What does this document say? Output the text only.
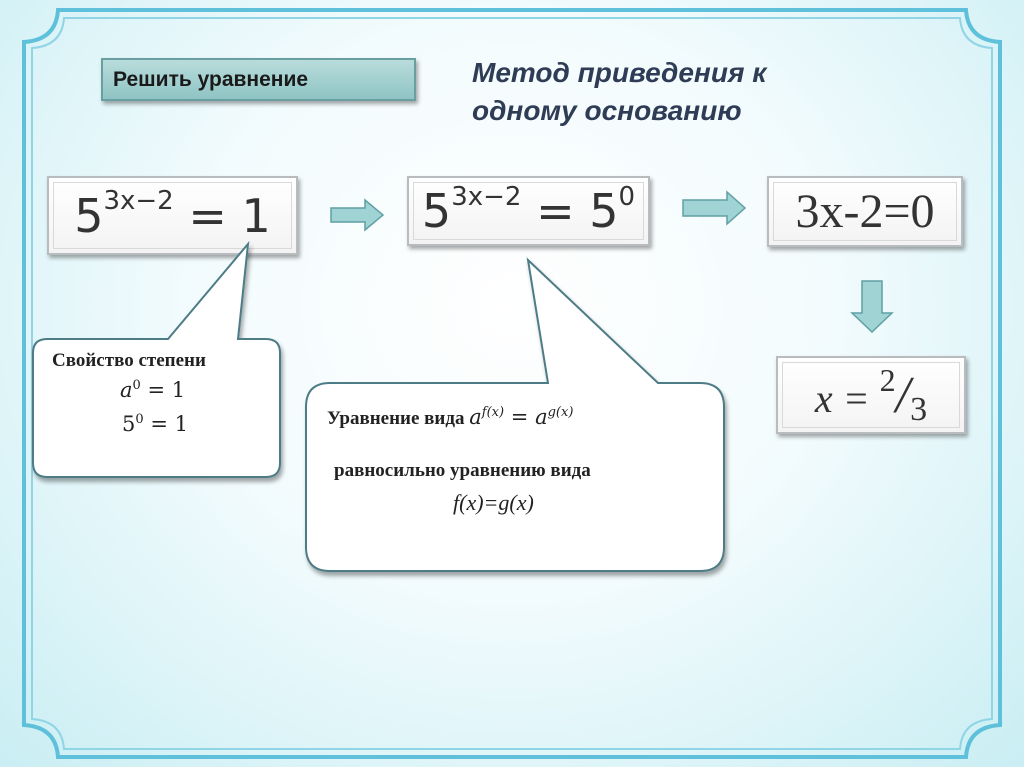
Решить уравнение	Метод приведения к
одному основанию
$5^{3x-2} = 1$	$5^{3x-2} = 5^0$	3x-2=0
$x = ^2/_3$
Свойство степени
$a^0 = 1$
$5^0 = 1$	Уравнение вида $a^{f(x)} = a^{g(x)}$
равносильно уравнению вида
f(x)=g(x)
